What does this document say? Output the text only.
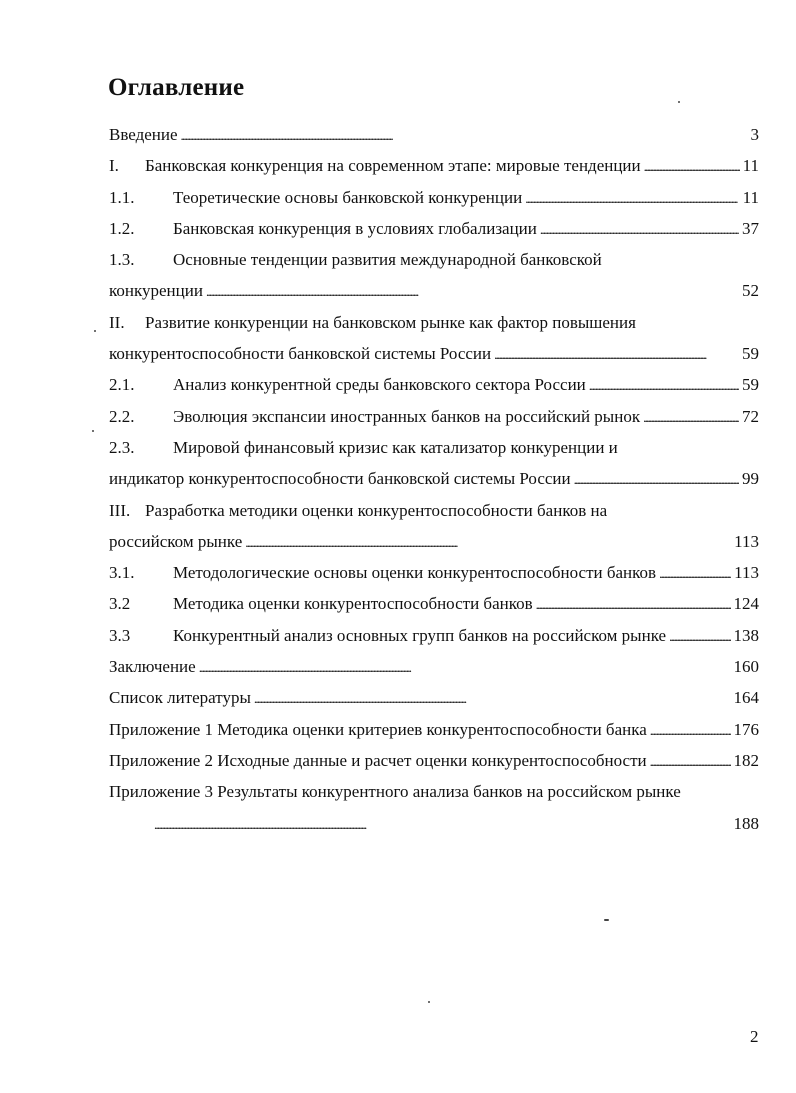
Оглавление
Введение . . .	3
I.	Банковская конкуренция на современном этапе: мировые тенденции . . .	11
1.1.	Теоретические основы банковской конкуренции . . .	11
1.2.	Банковская конкуренция в условиях глобализации . . .	37
1.3.	Основные тенденции развития международной банковской
конкуренции . . .	52
II.	Развитие конкуренции на банковском рынке как фактор повышения
конкурентоспособности банковской системы России . . .	59
2.1.	Анализ конкурентной среды банковского сектора России . . .	59
2.2.	Эволюция экспансии иностранных банков на российский рынок . . .	72
2.3.	Мировой финансовый кризис как катализатор конкуренции и
индикатор конкурентоспособности банковской системы России . . .	99
III. Разработка методики оценки конкурентоспособности банков на
российском рынке . . .	113
3.1.	Методологические основы оценки конкурентоспособности банков . . .	113
3.2	Методика оценки конкурентоспособности банков . . .	124
3.3	Конкурентный анализ основных групп банков на российском рынке . . .	138
Заключение . . .	160
Список литературы . . .	164
Приложение 1 Методика оценки критериев конкурентоспособности банка . . .	176
Приложение 2 Исходные данные и расчет оценки конкурентоспособности . . .	182
Приложение 3 Результаты конкурентного анализа банков на российском рынке
. . .
188
2
